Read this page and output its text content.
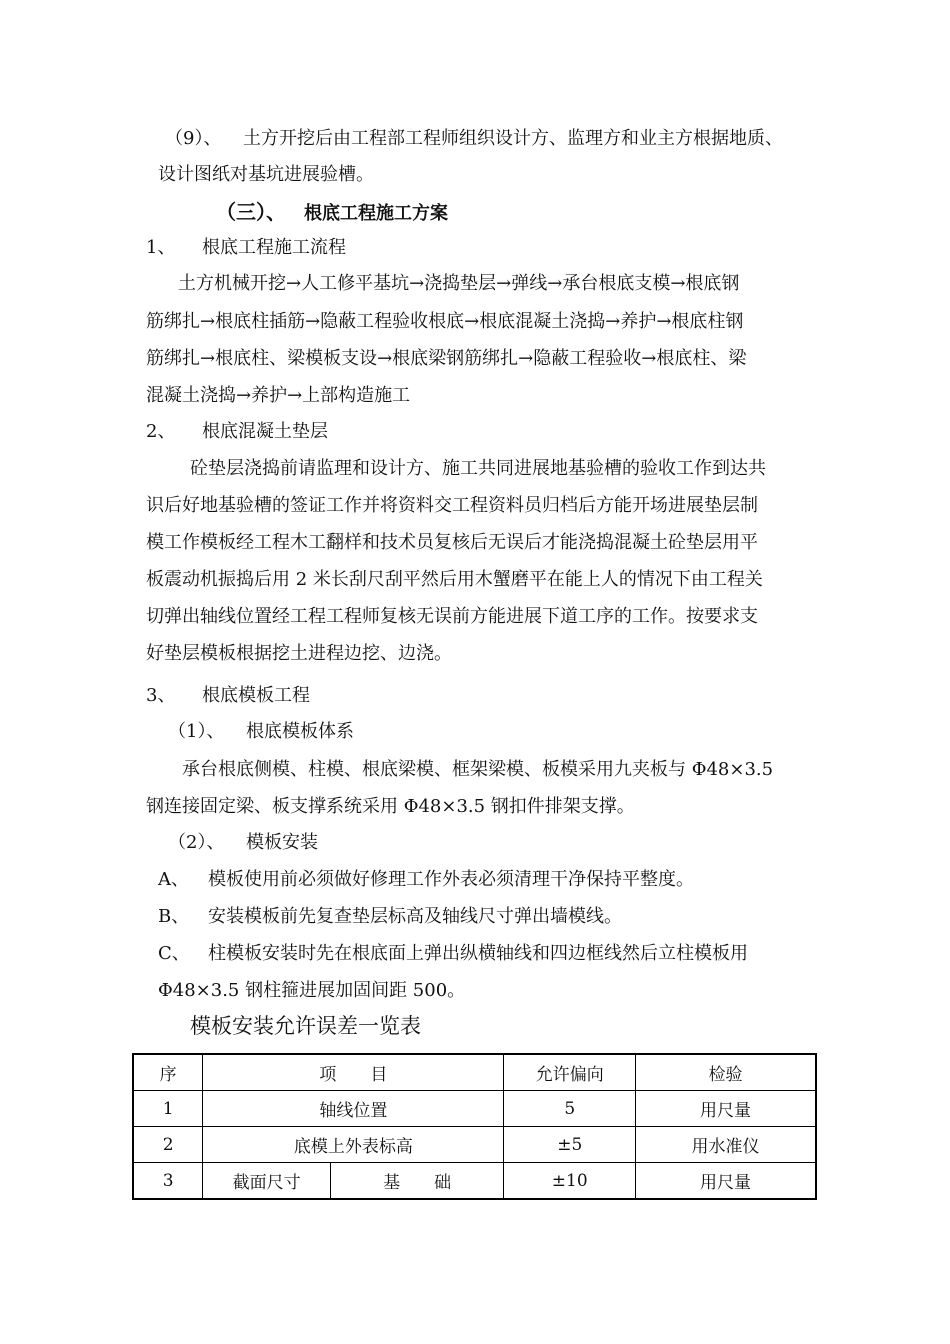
（9）、 土方开挖后由工程部工程师组织设计方、监理方和业主方根据地质、
设计图纸对基坑进展验槽。
（三）、 根底工程施工方案
1、 根底工程施工流程
土方机械开挖→人工修平基坑→浇捣垫层→弹线→承台根底支模→根底钢
筋绑扎→根底柱插筋→隐蔽工程验收根底→根底混凝土浇捣→养护→根底柱钢
筋绑扎→根底柱、梁模板支设→根底梁钢筋绑扎→隐蔽工程验收→根底柱、梁
混凝土浇捣→养护→上部构造施工
2、 根底混凝土垫层
砼垫层浇捣前请监理和设计方、施工共同进展地基验槽的验收工作到达共
识后好地基验槽的签证工作并将资料交工程资料员归档后方能开场进展垫层制
模工作模板经工程木工翻样和技术员复核后无误后才能浇捣混凝土砼垫层用平
板震动机振捣后用 2 米长刮尺刮平然后用木蟹磨平在能上人的情况下由工程关
切弹出轴线位置经工程工程师复核无误前方能进展下道工序的工作。按要求支
好垫层模板根据挖土进程边挖、边浇。
3、 根底模板工程
（1）、 根底模板体系
承台根底侧模、柱模、根底梁模、框架梁模、板模采用九夹板与 Φ48×3.5
钢连接固定梁、板支撑系统采用 Φ48×3.5 钢扣件排架支撑。
（2）、 模板安装
A、 模板使用前必须做好修理工作外表必须清理干净保持平整度。
B、 安装模板前先复查垫层标高及轴线尺寸弹出墙模线。
C、 柱模板安装时先在根底面上弹出纵横轴线和四边框线然后立柱模板用
Φ48×3.5 钢柱箍进展加固间距 500。
模板安装允许误差一览表
序	项　　目		允许偏向	检验
1	轴线位置		5	用尺量
2	底模上外表标高		±5	用水准仪
3	截面尺寸	基　　础	±10	用尺量
